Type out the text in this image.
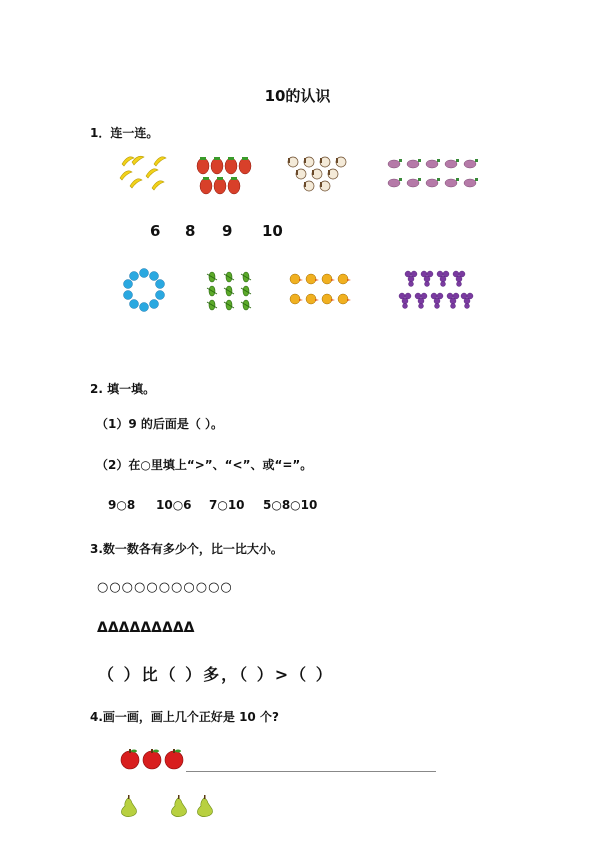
10的认识
1．连一连。
6 8 9 10
2. 填一填。
（1）9 的后面是（ ）。
（2）在○里填上“>”、“<”、或“=”。
9○8 10○6 7○10 5○8○10
3.数一数各有多少个，比一比大小。
○○○○○○○○○○○
ΔΔΔΔΔΔΔΔΔ
（ ）比（ ）多，（ ）>（ ）
4.画一画，画上几个正好是 10 个?
